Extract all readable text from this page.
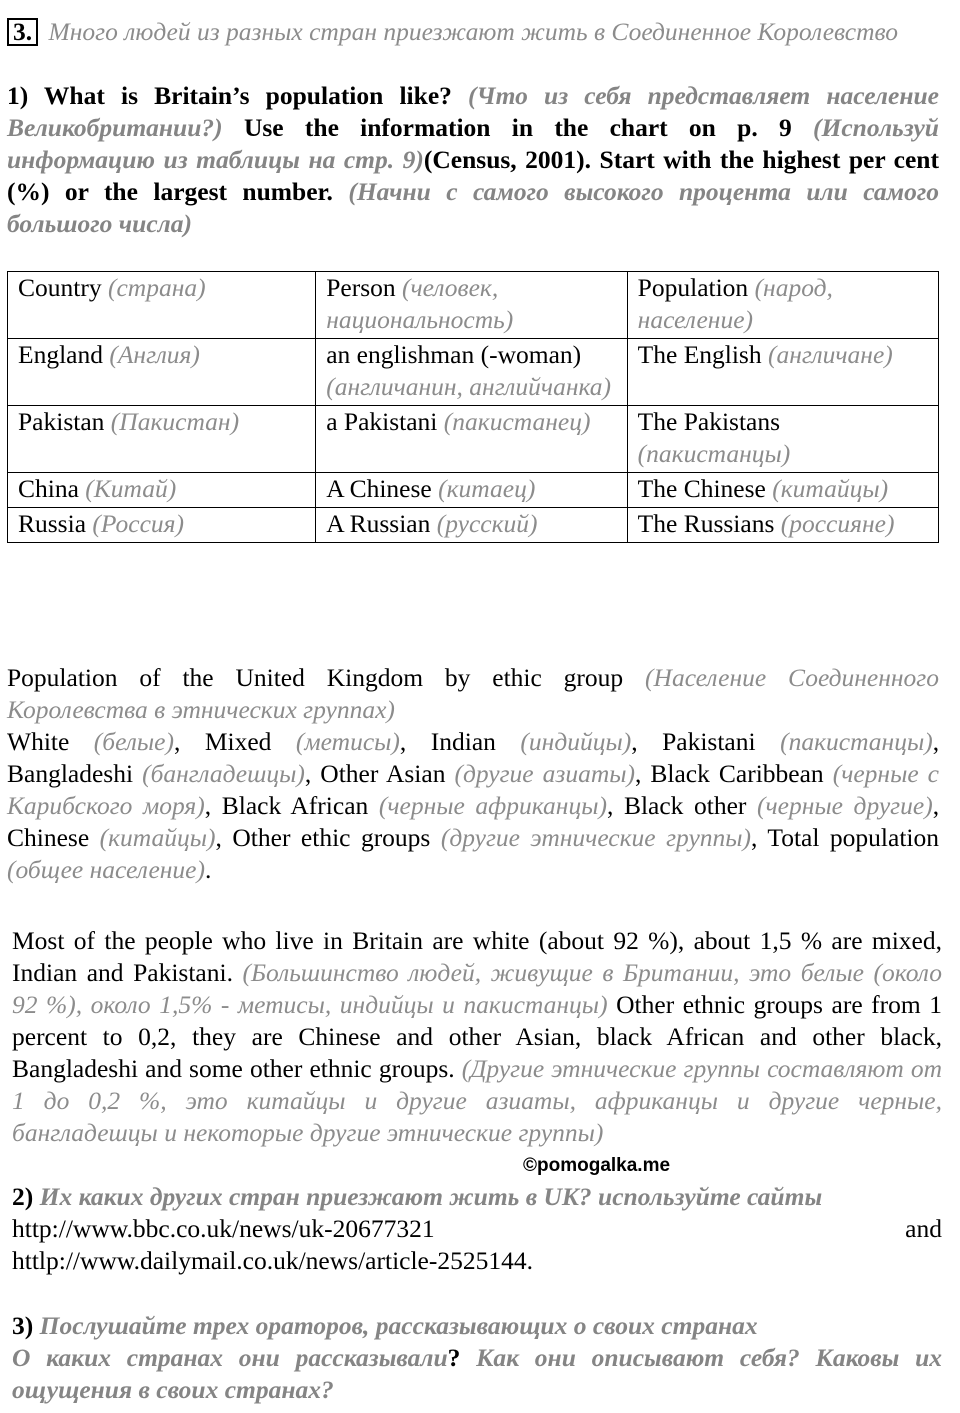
3. Много людей из разных стран приезжают жить в Соединенное Королевство
1) What is Britain’s population like? (Что из себя представляет население Великобритании?) Use the information in the chart on p. 9 (Используй информацию из таблицы на стр. 9)(Census, 2001). Start with the highest per cent (%) or the largest number. (Начни с самого высокого процента или самого большого числа)
Country (страна)	Person (человек, национальность)	Population (народ, население)
England (Англия)	an englishman (-woman) (англичанин, английчанка)	The English (англичане)
Pakistan (Пакистан)	a Pakistani (пакистанец)	The Pakistans (пакистанцы)
China (Китай)	A Chinese (китаец)	The Chinese (китайцы)
Russia (Россия)	A Russian (русский)	The Russians (россияне)
Population of the United Kingdom by ethic group (Население Соединенного Королевства в этнических группах)
White (белые), Mixed (метисы), Indian (индийцы), Pakistani (пакистанцы), Bangladeshi (бангладешцы), Other Asian (другие азиаты), Black Caribbean (черные с Карибского моря), Black African (черные африканцы), Black other (черные другие), Chinese (китайцы), Other ethic groups (другие этнические группы), Total population (общее население).
Most of the people who live in Britain are white (about 92 %), about 1,5 % are mixed, Indian and Pakistani. (Большинство людей, живущие в Британии, это белые (около 92 %), около 1,5% - метисы, индийцы и пакистанцы) Other ethnic groups are from 1 percent to 0,2, they are Chinese and other Asian, black African and other black, Bangladeshi and some other ethnic groups. (Другие этнические группы составляют от 1 до 0,2 %, это китайцы и другие азиаты, африканцы и другие черные, бангладешцы и некоторые другие этнические группы)
©pomogalka.me
2) Их каких других стран приезжают жить в UK? используйте сайты
http://www.bbc.co.uk/news/uk-20677321	and
httlp://www.dailymail.co.uk/news/article-2525144.
3) Послушайте трех ораторов, рассказывающих о своих странах
О каких странах они рассказывали? Как они описывают себя? Каковы их ощущения в своих странах?
